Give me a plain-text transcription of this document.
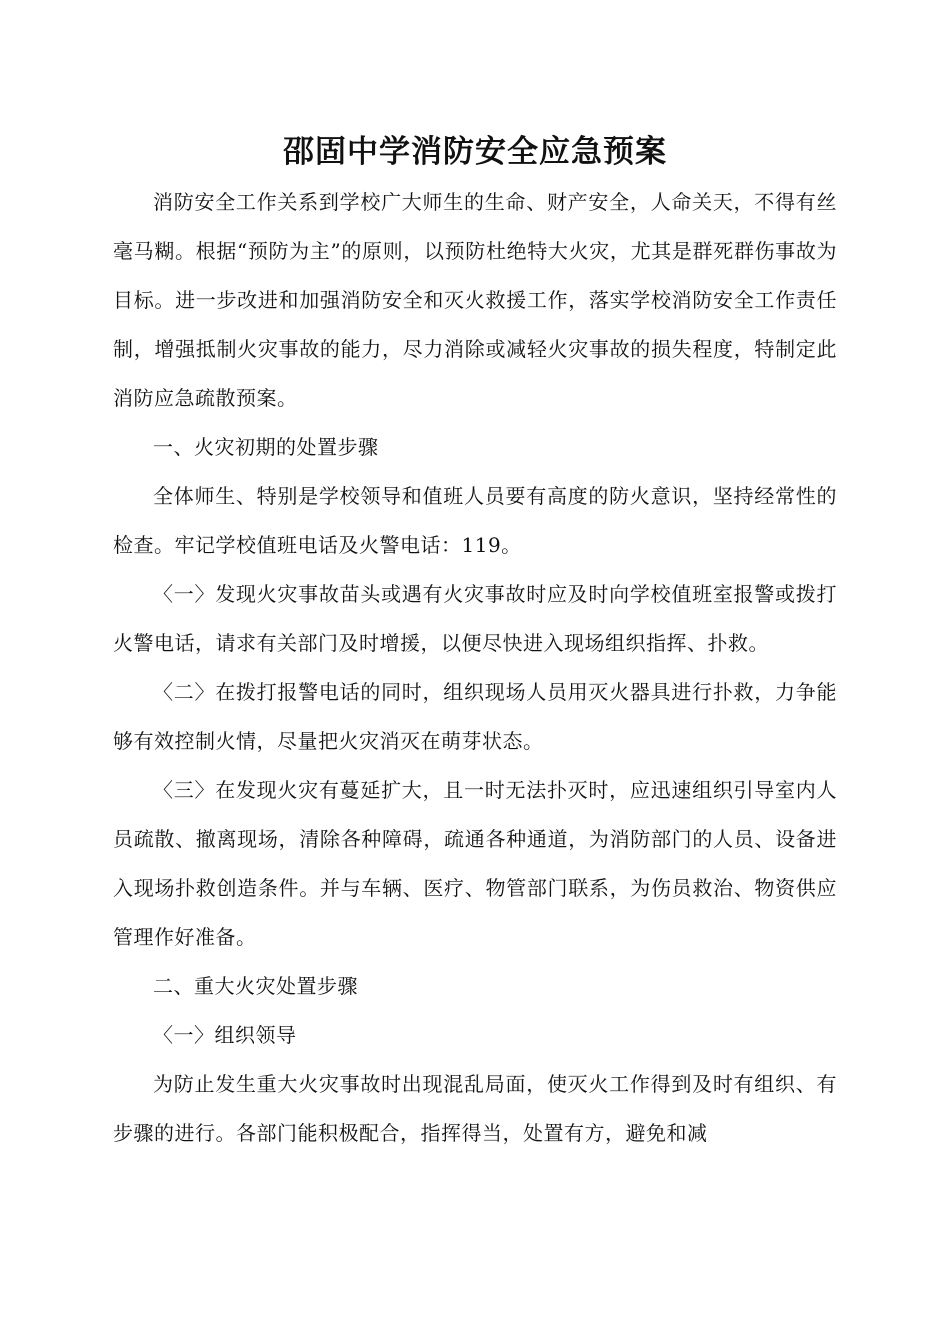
邵固中学消防安全应急预案

消防安全工作关系到学校广大师生的生命、财产安全，人命关天，不得有丝毫马糊。根据“预防为主”的原则，以预防杜绝特大火灾，尤其是群死群伤事故为目标。进一步改进和加强消防安全和灭火救援工作，落实学校消防安全工作责任制，增强抵制火灾事故的能力，尽力消除或减轻火灾事故的损失程度，特制定此消防应急疏散预案。

一、火灾初期的处置步骤

全体师生、特别是学校领导和值班人员要有高度的防火意识，坚持经常性的检查。牢记学校值班电话及火警电话：119。

〈一〉发现火灾事故苗头或遇有火灾事故时应及时向学校值班室报警或拨打火警电话，请求有关部门及时增援，以便尽快进入现场组织指挥、扑救。

〈二〉在拨打报警电话的同时，组织现场人员用灭火器具进行扑救，力争能够有效控制火情，尽量把火灾消灭在萌芽状态。

〈三〉在发现火灾有蔓延扩大，且一时无法扑灭时，应迅速组织引导室内人员疏散、撤离现场，清除各种障碍，疏通各种通道，为消防部门的人员、设备进入现场扑救创造条件。并与车辆、医疗、物管部门联系，为伤员救治、物资供应管理作好准备。

二、重大火灾处置步骤

〈一〉组织领导

为防止发生重大火灾事故时出现混乱局面，使灭火工作得到及时有组织、有步骤的进行。各部门能积极配合，指挥得当，处置有方，避免和减
